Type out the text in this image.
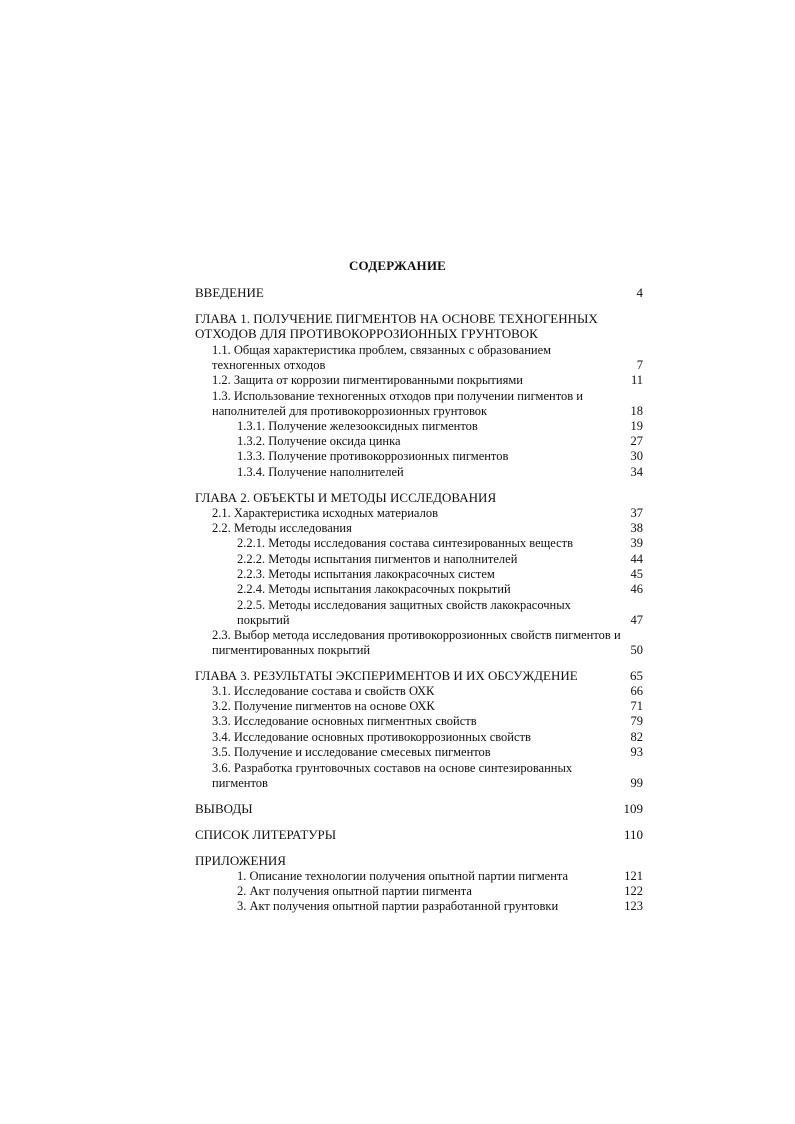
СОДЕРЖАНИЕ
ВВЕДЕНИЕ	4
ГЛАВА 1. ПОЛУЧЕНИЕ ПИГМЕНТОВ НА ОСНОВЕ ТЕХНОГЕННЫХ
ОТХОДОВ ДЛЯ ПРОТИВОКОРРОЗИОННЫХ ГРУНТОВОК
1.1. Общая характеристика проблем, связанных с образованием
техногенных отходов	7
1.2. Защита от коррозии пигментированными покрытиями	11
1.3. Использование техногенных отходов при получении пигментов и
наполнителей для противокоррозионных грунтовок	18
1.3.1. Получение железооксидных пигментов	19
1.3.2. Получение оксида цинка	27
1.3.3. Получение противокоррозионных пигментов	30
1.3.4. Получение наполнителей	34
ГЛАВА 2. ОБЪЕКТЫ И МЕТОДЫ ИССЛЕДОВАНИЯ
2.1. Характеристика исходных материалов	37
2.2. Методы исследования	38
2.2.1. Методы исследования состава синтезированных веществ	39
2.2.2. Методы испытания пигментов и наполнителей	44
2.2.3. Методы испытания лакокрасочных систем	45
2.2.4. Методы испытания лакокрасочных покрытий	46
2.2.5. Методы исследования защитных свойств лакокрасочных
покрытий	47
2.3. Выбор метода исследования противокоррозионных свойств пигментов и
пигментированных покрытий	50
ГЛАВА 3. РЕЗУЛЬТАТЫ ЭКСПЕРИМЕНТОВ И ИХ ОБСУЖДЕНИЕ	65
3.1. Исследование состава и свойств ОХК	66
3.2. Получение пигментов на основе ОХК	71
3.3. Исследование основных пигментных свойств	79
3.4. Исследование основных противокоррозионных свойств	82
3.5. Получение и исследование смесевых пигментов	93
3.6. Разработка грунтовочных составов на основе синтезированных
пигментов	99
ВЫВОДЫ	109
СПИСОК ЛИТЕРАТУРЫ	110
ПРИЛОЖЕНИЯ
1. Описание технологии получения опытной партии пигмента	121
2. Акт получения опытной партии пигмента	122
3. Акт получения опытной партии разработанной грунтовки	123
